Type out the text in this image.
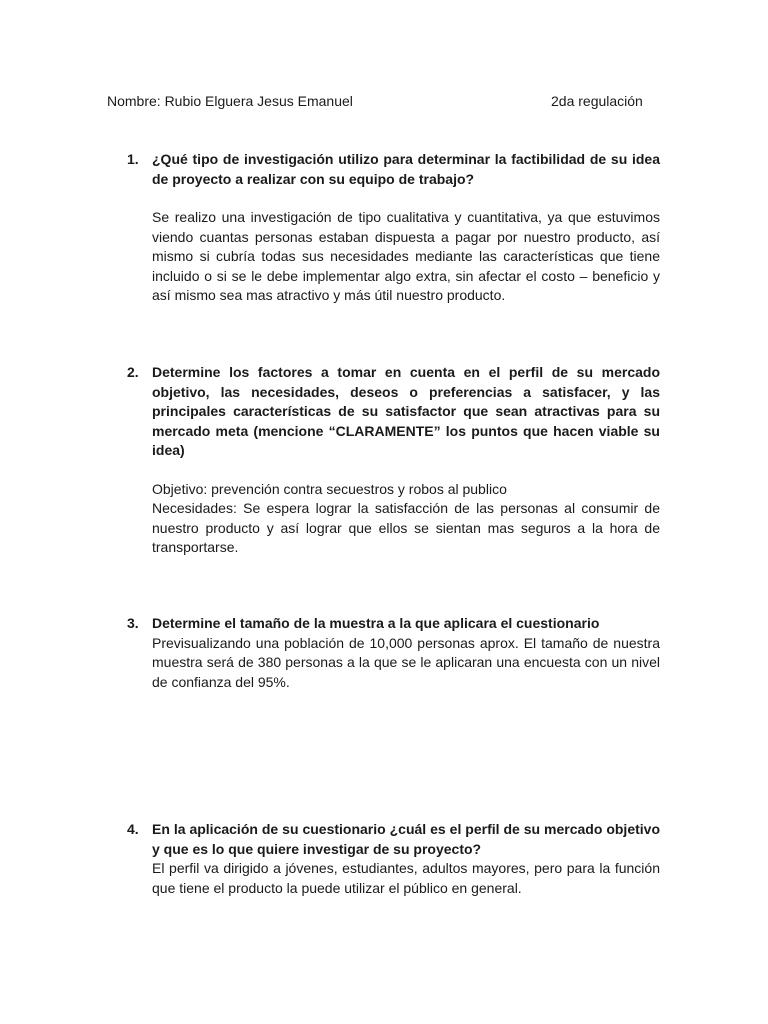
Nombre: Rubio Elguera Jesus Emanuel	2da regulación
1. ¿Qué tipo de investigación utilizo para determinar la factibilidad de su idea de proyecto a realizar con su equipo de trabajo?

Se realizo una investigación de tipo cualitativa y cuantitativa, ya que estuvimos viendo cuantas personas estaban dispuesta a pagar por nuestro producto, así mismo si cubría todas sus necesidades mediante las características que tiene incluido o si se le debe implementar algo extra, sin afectar el costo – beneficio y así mismo sea mas atractivo y más útil nuestro producto.

2. Determine los factores a tomar en cuenta en el perfil de su mercado objetivo, las necesidades, deseos o preferencias a satisfacer, y las principales características de su satisfactor que sean atractivas para su mercado meta (mencione “CLARAMENTE” los puntos que hacen viable su idea)

Objetivo: prevención contra secuestros y robos al publico

Necesidades: Se espera lograr la satisfacción de las personas al consumir de nuestro producto y así lograr que ellos se sientan mas seguros a la hora de transportarse.

3. Determine el tamaño de la muestra a la que aplicara el cuestionario

Previsualizando una población de 10,000 personas aprox. El tamaño de nuestra muestra será de 380 personas a la que se le aplicaran una encuesta con un nivel de confianza del 95%.

4. En la aplicación de su cuestionario ¿cuál es el perfil de su mercado objetivo y que es lo que quiere investigar de su proyecto?

El perfil va dirigido a jóvenes, estudiantes, adultos mayores, pero para la función que tiene el producto la puede utilizar el público en general.
